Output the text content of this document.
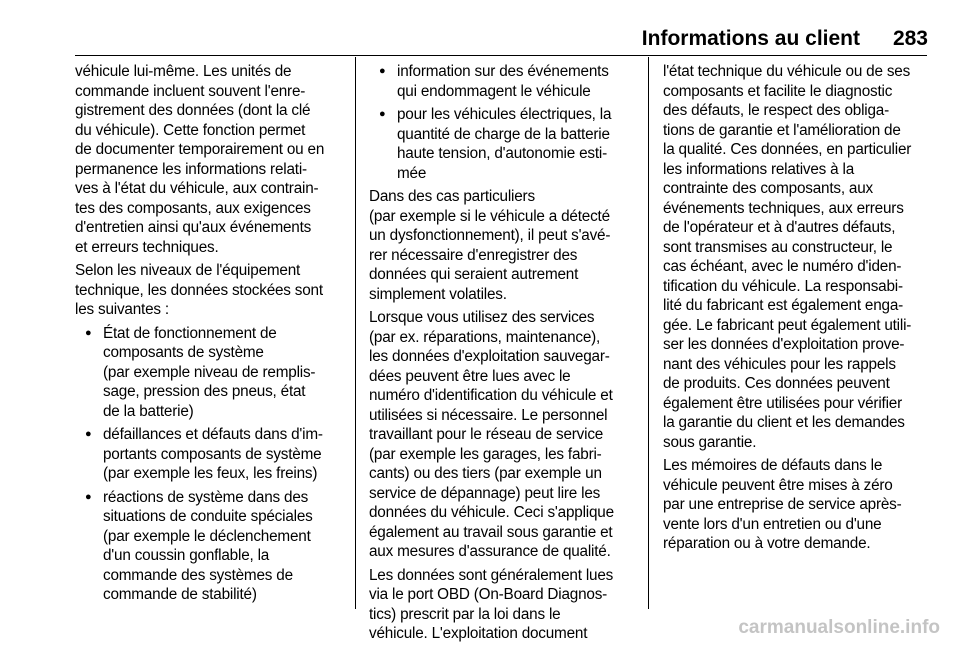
Informations au client	283

véhicule lui-même. Les unités de
commande incluent souvent l'enre-
gistrement des données (dont la clé
du véhicule). Cette fonction permet
de documenter temporairement ou en
permanence les informations relati-
ves à l'état du véhicule, aux contrain-
tes des composants, aux exigences
d'entretien ainsi qu'aux événements
et erreurs techniques.

Selon les niveaux de l'équipement
technique, les données stockées sont
les suivantes :

● État de fonctionnement de
composants de système
(par exemple niveau de remplis-
sage, pression des pneus, état
de la batterie)
● défaillances et défauts dans d'im-
portants composants de système
(par exemple les feux, les freins)
● réactions de système dans des
situations de conduite spéciales
(par exemple le déclenchement
d'un coussin gonflable, la
commande des systèmes de
commande de stabilité)
● information sur des événements
qui endommagent le véhicule
● pour les véhicules électriques, la
quantité de charge de la batterie
haute tension, d'autonomie esti-
mée

Dans des cas particuliers
(par exemple si le véhicule a détecté
un dysfonctionnement), il peut s'avé-
rer nécessaire d'enregistrer des
données qui seraient autrement
simplement volatiles.

Lorsque vous utilisez des services
(par ex. réparations, maintenance),
les données d'exploitation sauvegar-
dées peuvent être lues avec le
numéro d'identification du véhicule et
utilisées si nécessaire. Le personnel
travaillant pour le réseau de service
(par exemple les garages, les fabri-
cants) ou des tiers (par exemple un
service de dépannage) peut lire les
données du véhicule. Ceci s'applique
également au travail sous garantie et
aux mesures d'assurance de qualité.

Les données sont généralement lues
via le port OBD (On-Board Diagnos-
tics) prescrit par la loi dans le
véhicule. L'exploitation document

l'état technique du véhicule ou de ses
composants et facilite le diagnostic
des défauts, le respect des obliga-
tions de garantie et l'amélioration de
la qualité. Ces données, en particulier
les informations relatives à la
contrainte des composants, aux
événements techniques, aux erreurs
de l'opérateur et à d'autres défauts,
sont transmises au constructeur, le
cas échéant, avec le numéro d'iden-
tification du véhicule. La responsabi-
lité du fabricant est également enga-
gée. Le fabricant peut également utili-
ser les données d'exploitation prove-
nant des véhicules pour les rappels
de produits. Ces données peuvent
également être utilisées pour vérifier
la garantie du client et les demandes
sous garantie.

Les mémoires de défauts dans le
véhicule peuvent être mises à zéro
par une entreprise de service après-
vente lors d'un entretien ou d'une
réparation ou à votre demande.

carmanualsonline.info
